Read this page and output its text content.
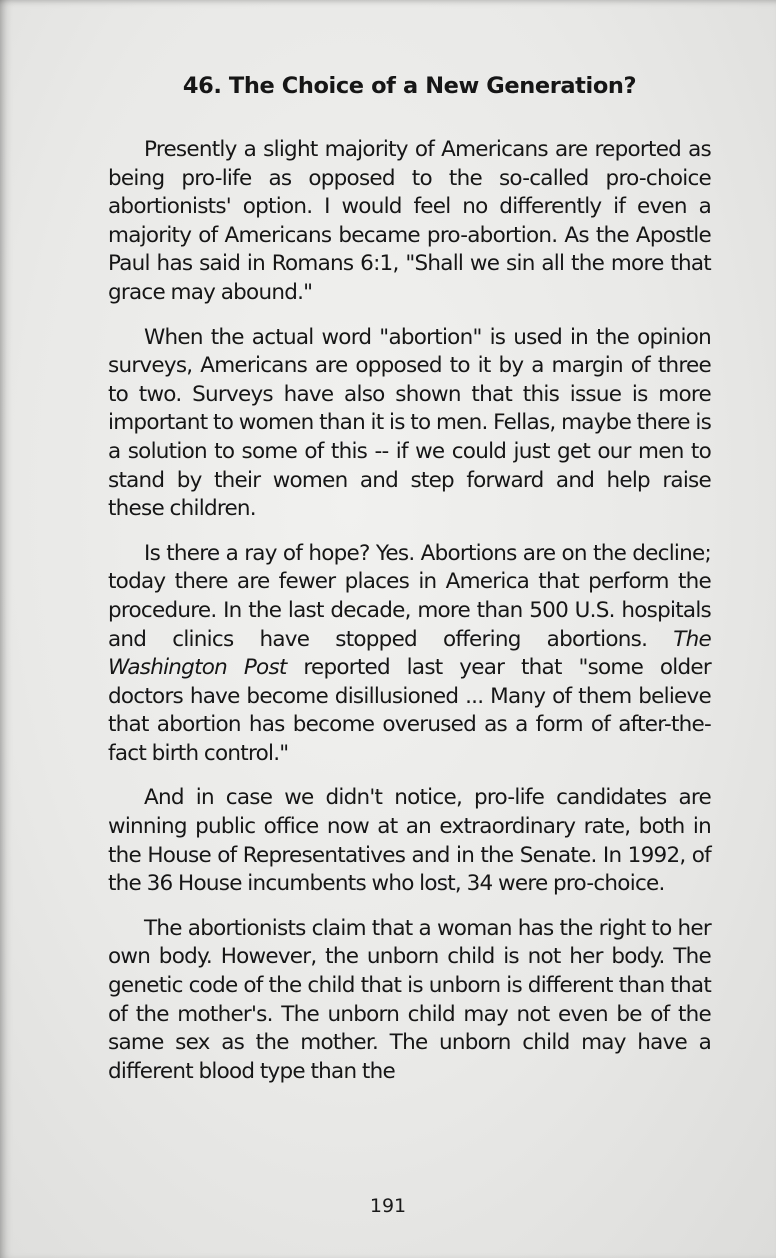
46. The Choice of a New Generation?

Presently a slight majority of Americans are reported as being pro-life as opposed to the so-called pro-choice abortionists' option. I would feel no differently if even a majority of Americans became pro-abortion. As the Apostle Paul has said in Romans 6:1, "Shall we sin all the more that grace may abound."

When the actual word "abortion" is used in the opinion surveys, Americans are opposed to it by a margin of three to two. Surveys have also shown that this issue is more important to women than it is to men. Fellas, maybe there is a solution to some of this -- if we could just get our men to stand by their women and step forward and help raise these children.

Is there a ray of hope? Yes. Abortions are on the decline; today there are fewer places in America that perform the procedure. In the last decade, more than 500 U.S. hospitals and clinics have stopped offering abortions. The Washington Post reported last year that "some older doctors have become disillusioned ... Many of them believe that abortion has become overused as a form of after-the-fact birth control."

And in case we didn't notice, pro-life candidates are winning public office now at an extraordinary rate, both in the House of Representatives and in the Senate. In 1992, of the 36 House incumbents who lost, 34 were pro-choice.

The abortionists claim that a woman has the right to her own body. However, the unborn child is not her body. The genetic code of the child that is unborn is different than that of the mother's. The unborn child may not even be of the same sex as the mother. The unborn child may have a different blood type than the

191
